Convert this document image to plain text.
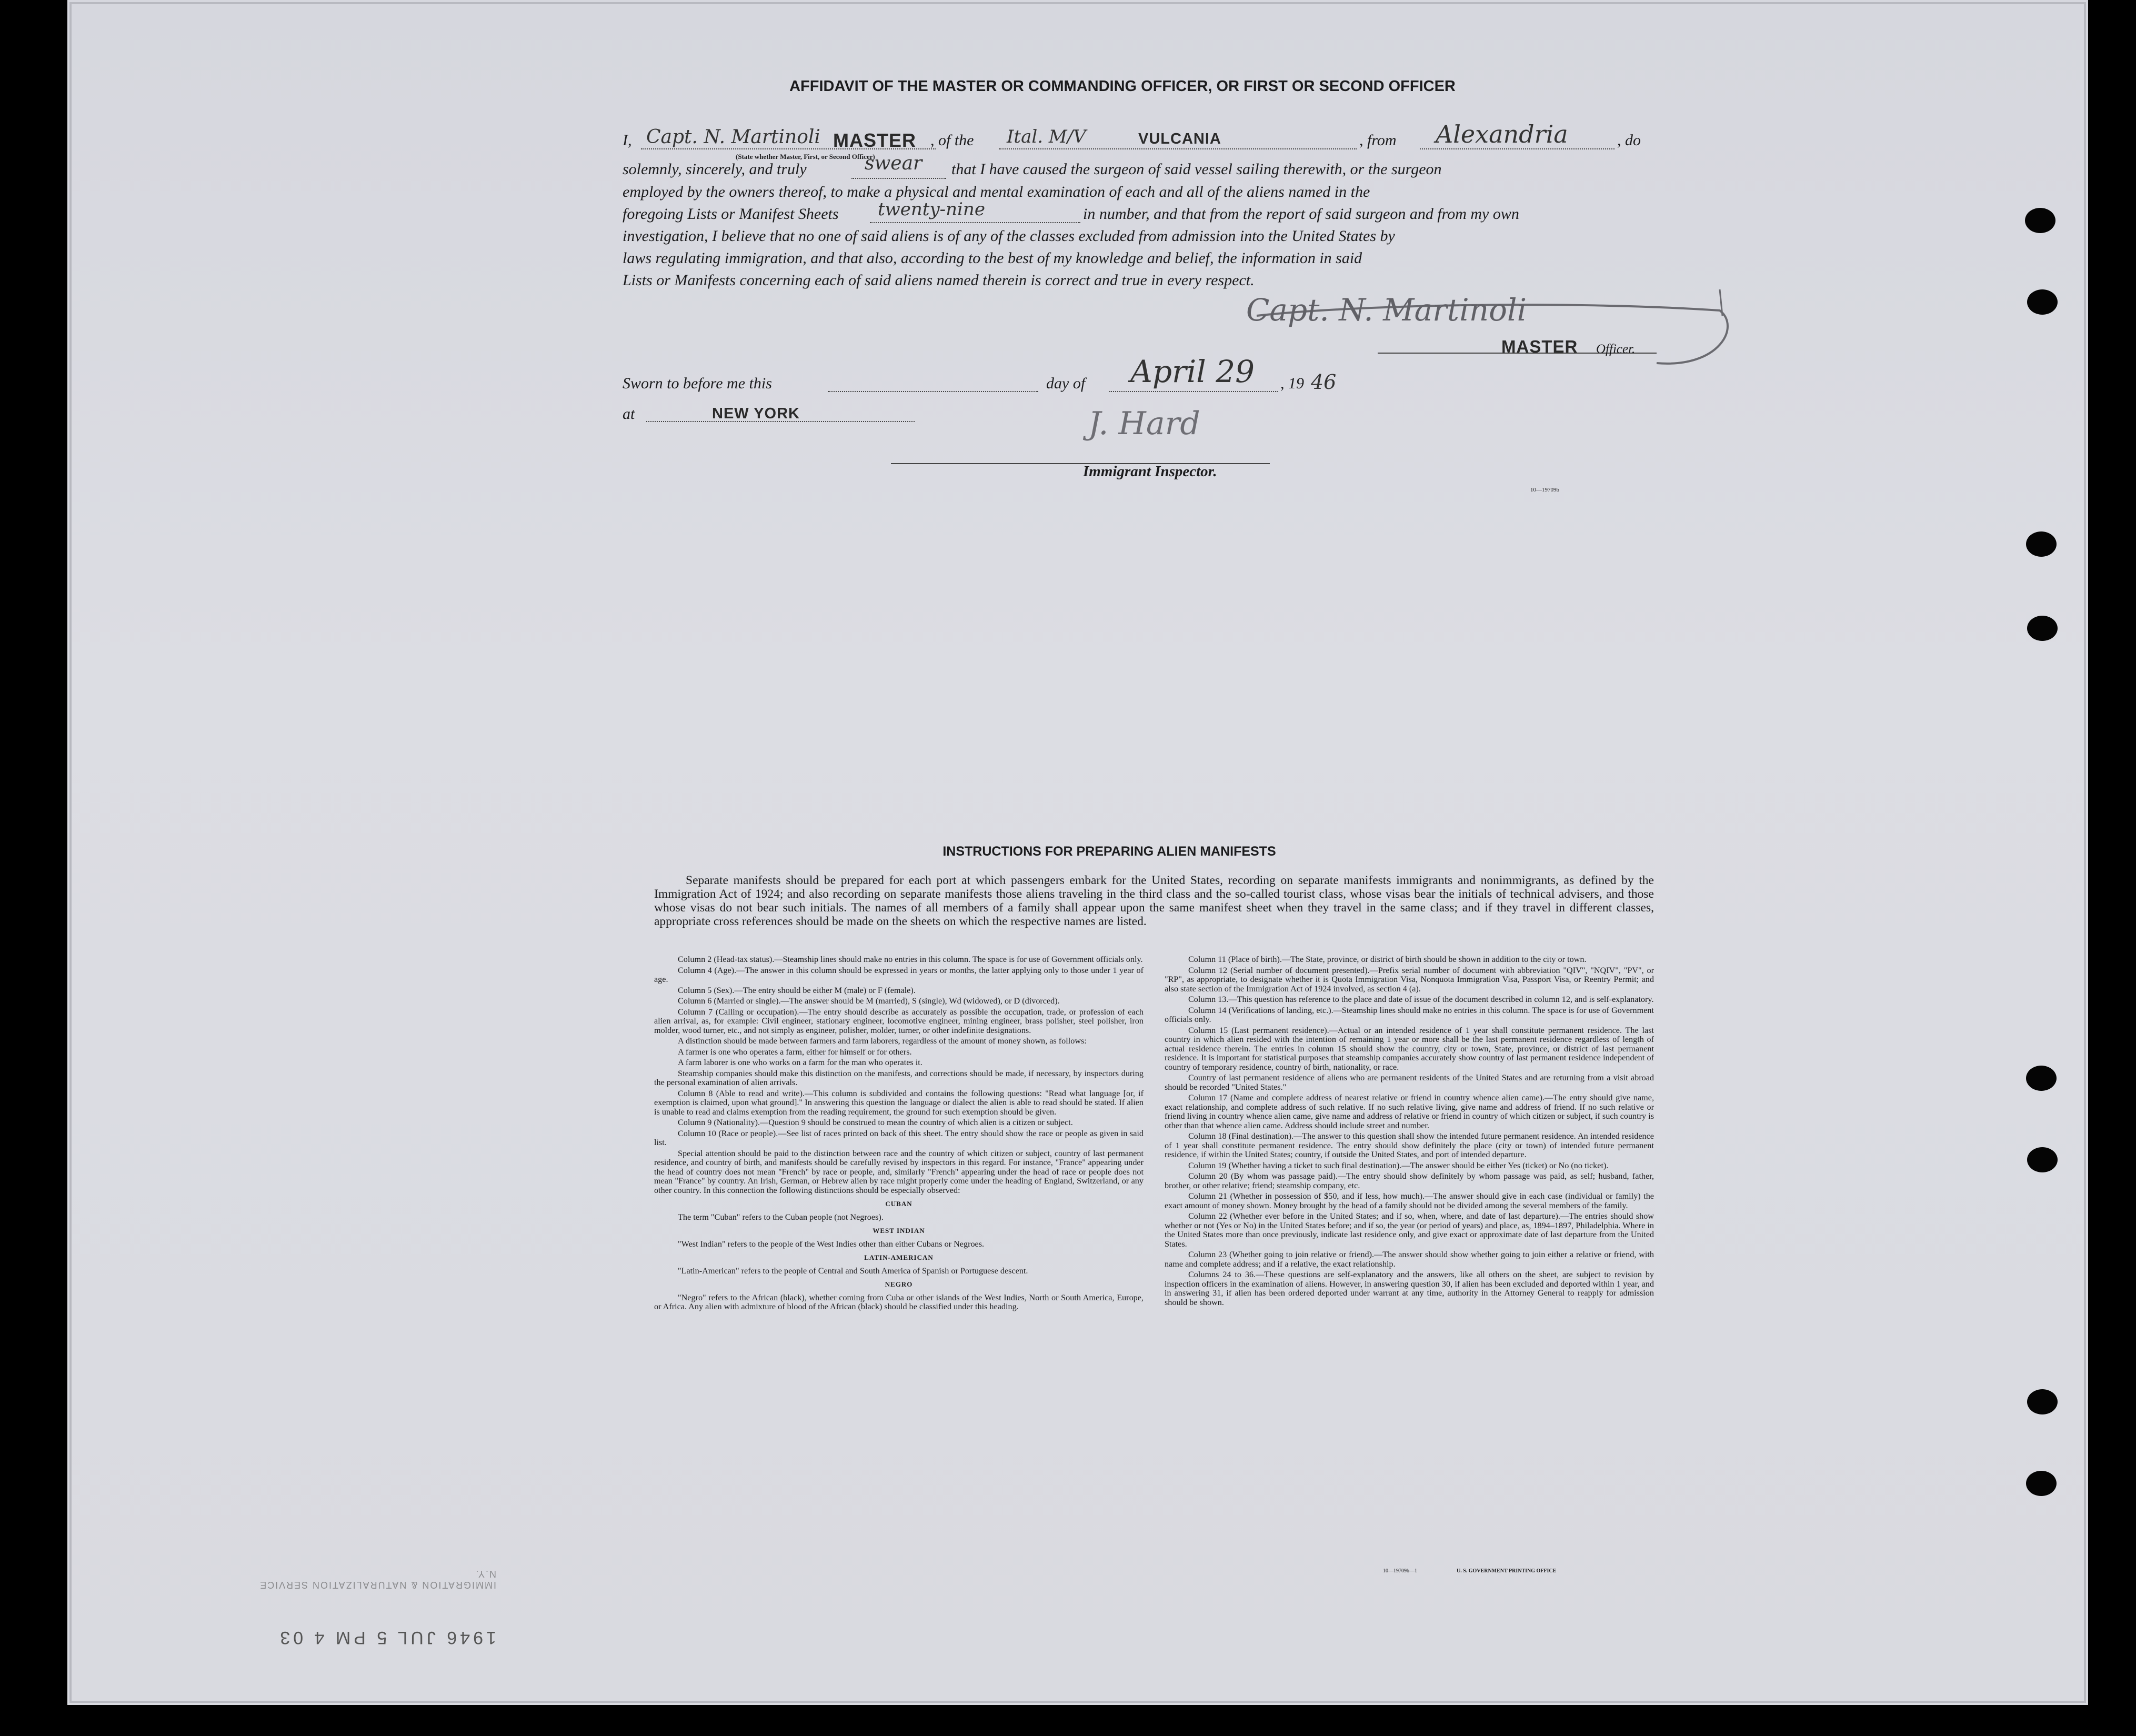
AFFIDAVIT OF THE MASTER OR COMMANDING OFFICER, OR FIRST OR SECOND OFFICER
I, Capt. N. Martinoli MASTER
(State whether Master, First, or Second Officer)
, of the Ital. M/V	VULCANIA	, from Alexandria	, do
solemnly, sincerely, and truly	swear that I have caused the surgeon of said vessel sailing therewith, or the surgeon
employed by the owners thereof, to make a physical and mental examination of each and all of the aliens named in the
foregoing Lists or Manifest Sheets twenty-nine	in number, and that from the report of said surgeon and from my own
investigation, I believe that no one of said aliens is of any of the classes excluded from admission into the United States by
laws regulating immigration, and that also, according to the best of my knowledge and belief, the information in said
Lists or Manifests concerning each of said aliens named therein is correct and true in every respect.
Capt. N. Martinoli
MASTER Officer.
Sworn to before me this	day of April 29 , 19 46
at	NEW YORK	J. Hard
Immigrant Inspector.
10—19709b
INSTRUCTIONS FOR PREPARING ALIEN MANIFESTS

Separate manifests should be prepared for each port at which passengers embark for the United States, recording on separate manifests immigrants and nonimmigrants, as defined by the Immigration Act of 1924; and also recording on separate manifests those aliens traveling in the third class and the so-called tourist class, whose visas bear the initials of technical advisers, and those whose visas do not bear such initials. The names of all members of a family shall appear upon the same manifest sheet when they travel in the same class; and if they travel in different classes, appropriate cross references should be made on the sheets on which the respective names are listed.

Column 2 (Head-tax status).—Steamship lines should make no entries in this column. The space is for use of Government officials only.

Column 4 (Age).—The answer in this column should be expressed in years or months, the latter applying only to those under 1 year of age.

Column 5 (Sex).—The entry should be either M (male) or F (female).

Column 6 (Married or single).—The answer should be M (married), S (single), Wd (widowed), or D (divorced).

Column 7 (Calling or occupation).—The entry should describe as accurately as possible the occupation, trade, or profession of each alien arrival, as, for example: Civil engineer, stationary engineer, locomotive engineer, mining engineer, brass polisher, steel polisher, iron molder, wood turner, etc., and not simply as engineer, polisher, molder, turner, or other indefinite designations.

A distinction should be made between farmers and farm laborers, regardless of the amount of money shown, as follows:

A farmer is one who operates a farm, either for himself or for others.

A farm laborer is one who works on a farm for the man who operates it.

Steamship companies should make this distinction on the manifests, and corrections should be made, if necessary, by inspectors during the personal examination of alien arrivals.

Column 8 (Able to read and write).—This column is subdivided and contains the following questions: "Read what language [or, if exemption is claimed, upon what ground]." In answering this question the language or dialect the alien is able to read should be stated. If alien is unable to read and claims exemption from the reading requirement, the ground for such exemption should be given.

Column 9 (Nationality).—Question 9 should be construed to mean the country of which alien is a citizen or subject.

Column 10 (Race or people).—See list of races printed on back of this sheet. The entry should show the race or people as given in said list.

Special attention should be paid to the distinction between race and the country of which citizen or subject, country of last permanent residence, and country of birth, and manifests should be carefully revised by inspectors in this regard. For instance, "France" appearing under the head of country does not mean "French" by race or people, and, similarly "French" appearing under the head of race or people does not mean "France" by country. An Irish, German, or Hebrew alien by race might properly come under the heading of England, Switzerland, or any other country. In this connection the following distinctions should be especially observed:

CUBAN

The term "Cuban" refers to the Cuban people (not Negroes).

WEST INDIAN

"West Indian" refers to the people of the West Indies other than either Cubans or Negroes.

LATIN-AMERICAN

"Latin-American" refers to the people of Central and South America of Spanish or Portuguese descent.

NEGRO

"Negro" refers to the African (black), whether coming from Cuba or other islands of the West Indies, North or South America, Europe, or Africa. Any alien with admixture of blood of the African (black) should be classified under this heading.

Column 11 (Place of birth).—The State, province, or district of birth should be shown in addition to the city or town.

Column 12 (Serial number of document presented).—Prefix serial number of document with abbreviation "QIV", "NQIV", "PV", or "RP", as appropriate, to designate whether it is Quota Immigration Visa, Nonquota Immigration Visa, Passport Visa, or Reentry Permit; and also state section of the Immigration Act of 1924 involved, as section 4 (a).

Column 13.—This question has reference to the place and date of issue of the document described in column 12, and is self-explanatory.

Column 14 (Verifications of landing, etc.).—Steamship lines should make no entries in this column. The space is for use of Government officials only.

Column 15 (Last permanent residence).—Actual or an intended residence of 1 year shall constitute permanent residence. The last country in which alien resided with the intention of remaining 1 year or more shall be the last permanent residence regardless of length of actual residence therein. The entries in column 15 should show the country, city or town, State, province, or district of last permanent residence. It is important for statistical purposes that steamship companies accurately show country of last permanent residence independent of country of temporary residence, country of birth, nationality, or race.

Country of last permanent residence of aliens who are permanent residents of the United States and are returning from a visit abroad should be recorded "United States."

Column 17 (Name and complete address of nearest relative or friend in country whence alien came).—The entry should give name, exact relationship, and complete address of such relative. If no such relative living, give name and address of friend. If no such relative or friend living in country whence alien came, give name and address of relative or friend in country of which citizen or subject, if such country is other than that whence alien came. Address should include street and number.

Column 18 (Final destination).—The answer to this question shall show the intended future permanent residence. An intended residence of 1 year shall constitute permanent residence. The entry should show definitely the place (city or town) of intended future permanent residence, if within the United States; country, if outside the United States, and port of intended departure.

Column 19 (Whether having a ticket to such final destination).—The answer should be either Yes (ticket) or No (no ticket).

Column 20 (By whom was passage paid).—The entry should show definitely by whom passage was paid, as self; husband, father, brother, or other relative; friend; steamship company, etc.

Column 21 (Whether in possession of $50, and if less, how much).—The answer should give in each case (individual or family) the exact amount of money shown. Money brought by the head of a family should not be divided among the several members of the family.

Column 22 (Whether ever before in the United States; and if so, when, where, and date of last departure).—The entries should show whether or not (Yes or No) in the United States before; and if so, the year (or period of years) and place, as, 1894–1897, Philadelphia. Where in the United States more than once previously, indicate last residence only, and give exact or approximate date of last departure from the United States.

Column 23 (Whether going to join relative or friend).—The answer should show whether going to join either a relative or friend, with name and complete address; and if a relative, the exact relationship.

Columns 24 to 36.—These questions are self-explanatory and the answers, like all others on the sheet, are subject to revision by inspection officers in the examination of aliens. However, in answering question 30, if alien has been excluded and deported within 1 year, and in answering 31, if alien has been ordered deported under warrant at any time, authority in the Attorney General to reapply for admission should be shown.

10—19709b—1	U. S. GOVERNMENT PRINTING OFFICE
1946 JUL 5 PM 4 03
IMMIGRATION & NATURALIZATION SERVICE
N.Y.
